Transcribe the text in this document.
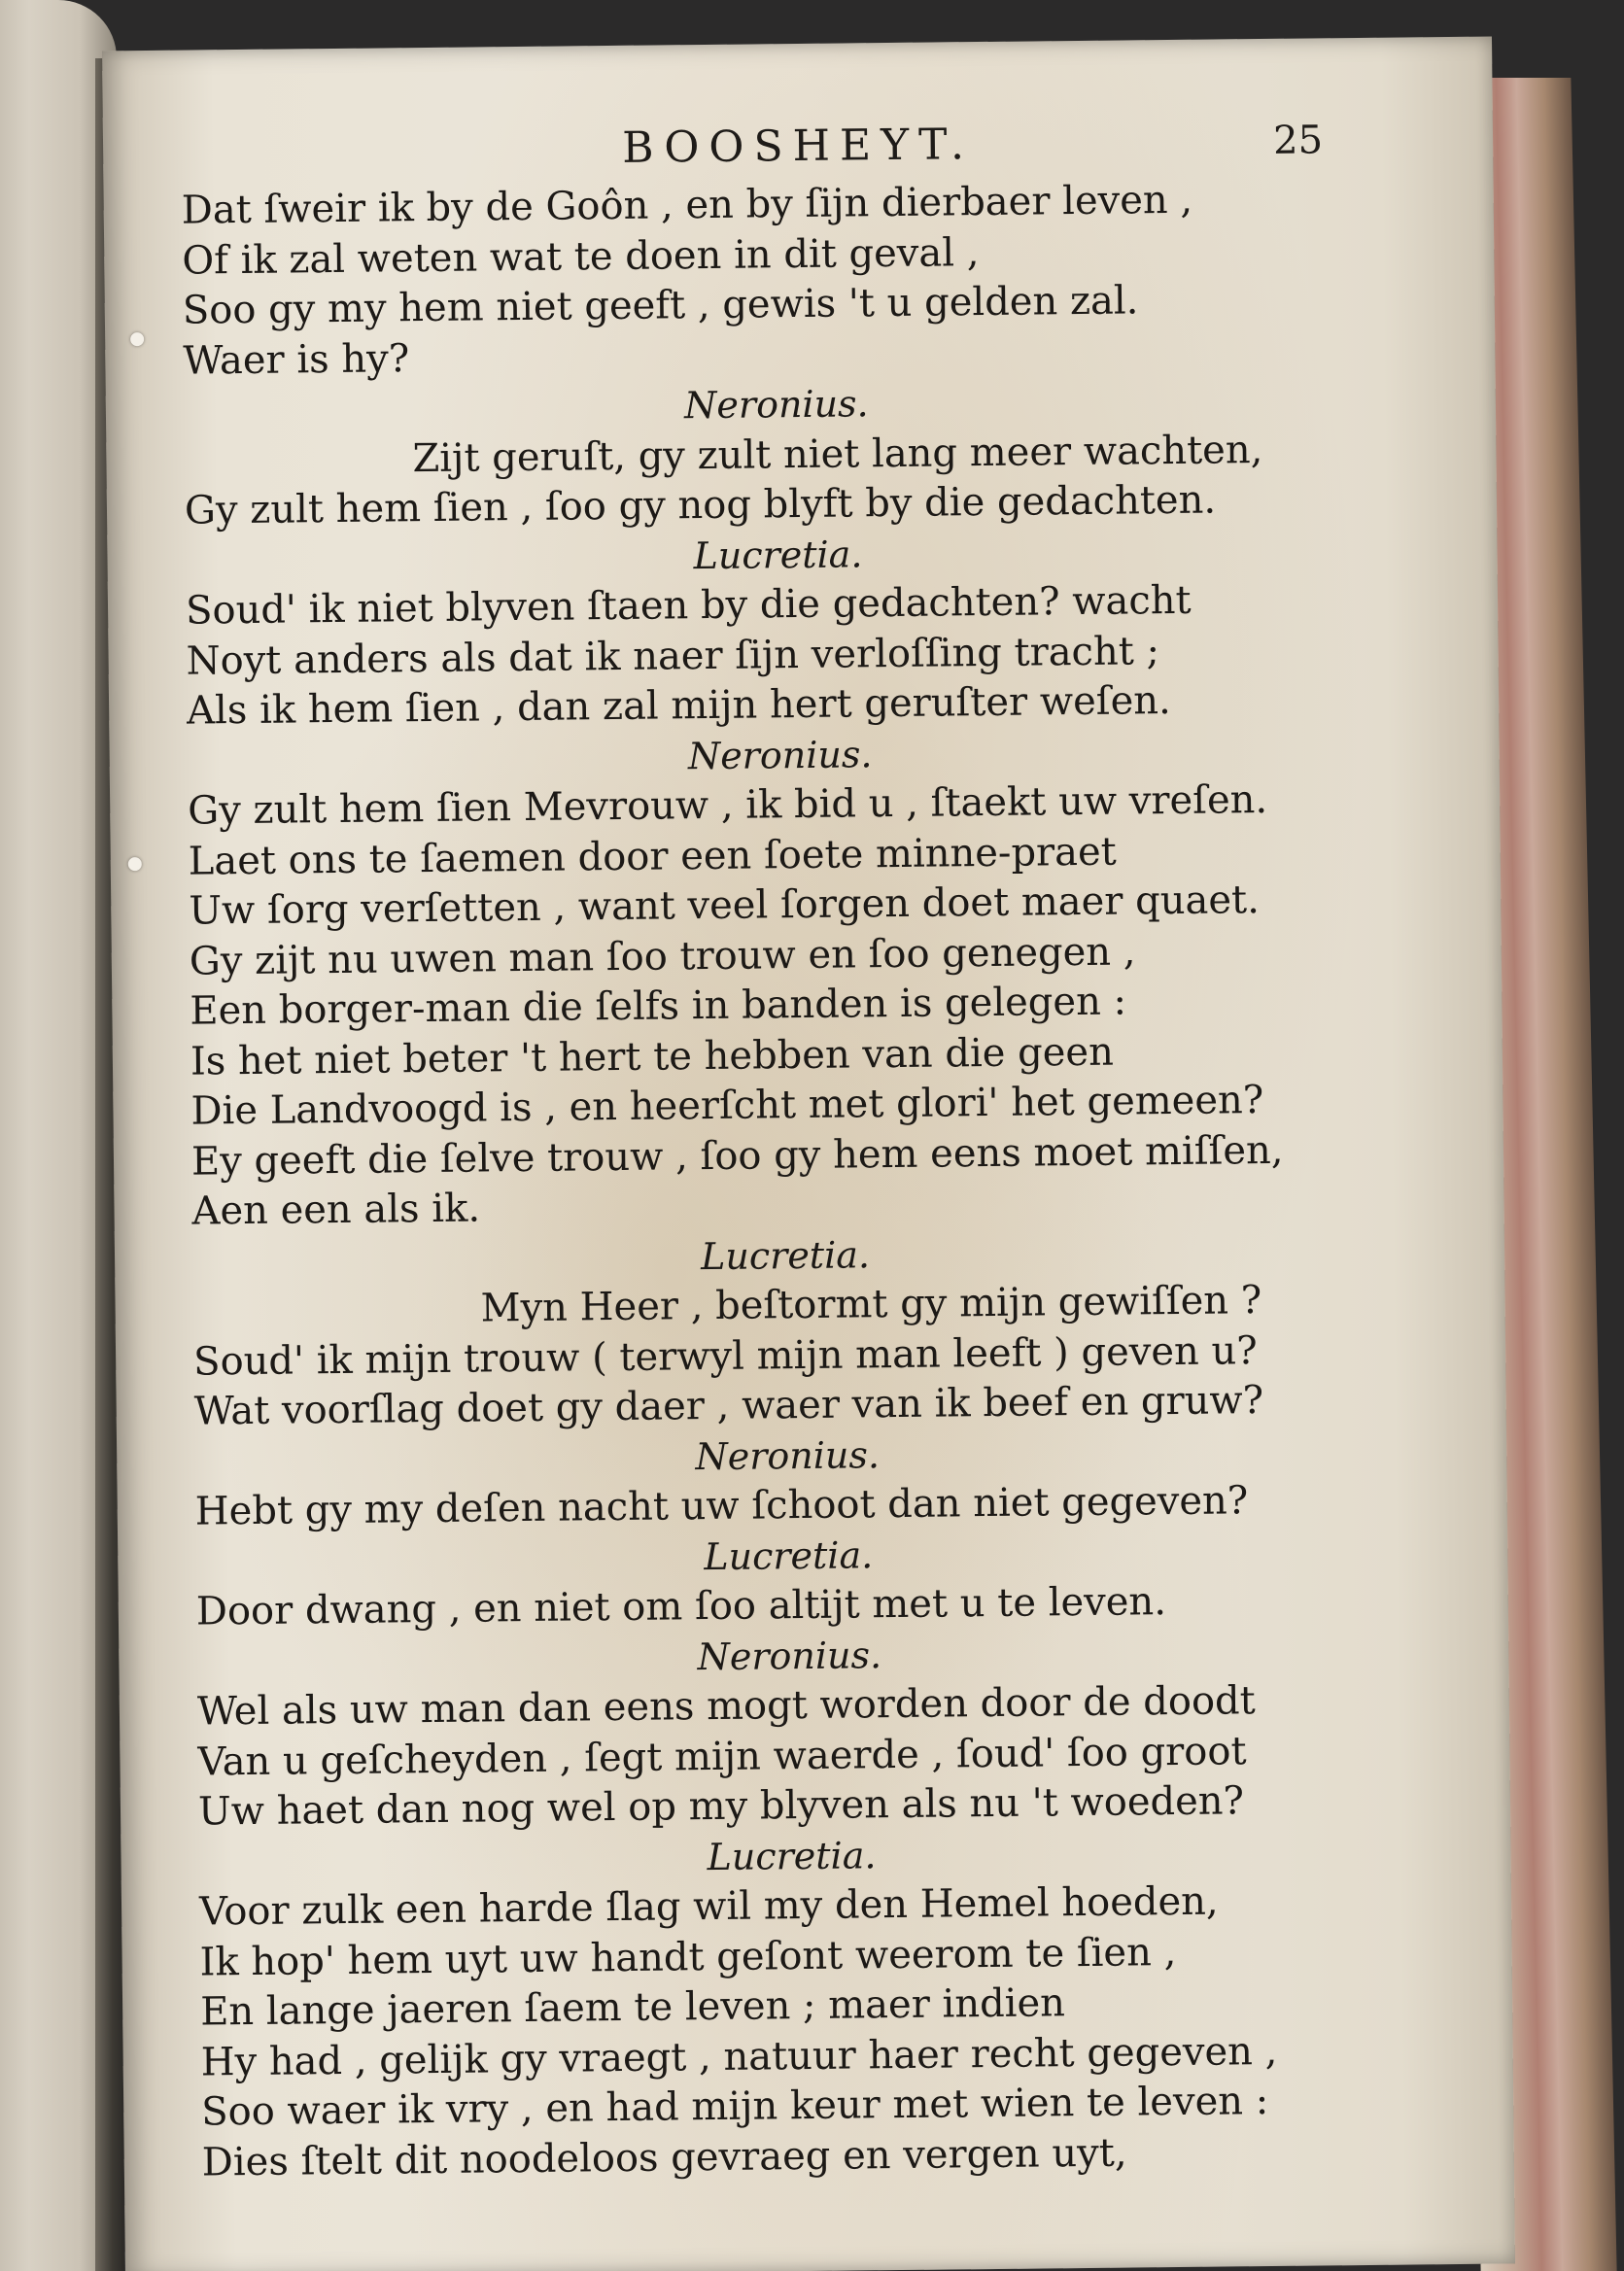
BOOSHEYT.	25
Dat ſweir ik by de Goôn , en by ſijn dierbaer leven ,
Of ik zal weten wat te doen in dit geval ,
Soo gy my hem niet geeft , gewis 't u gelden zal.
Waer is hy?
Neronius.
Zijt geruſt, gy zult niet lang meer wachten,
Gy zult hem ſien , ſoo gy nog blyft by die gedachten.
Lucretia.
Soud' ik niet blyven ſtaen by die gedachten? wacht
Noyt anders als dat ik naer ſijn verloſſing tracht ;
Als ik hem ſien , dan zal mijn hert geruſter weſen.
Neronius.
Gy zult hem ſien Mevrouw , ik bid u , ſtaekt uw vreſen.
Laet ons te ſaemen door een ſoete minne-praet
Uw ſorg verſetten , want veel ſorgen doet maer quaet.
Gy zijt nu uwen man ſoo trouw en ſoo genegen ,
Een borger-man die ſelfs in banden is gelegen :
Is het niet beter 't hert te hebben van die geen
Die Landvoogd is , en heerſcht met glori' het gemeen?
Ey geeft die ſelve trouw , ſoo gy hem eens moet miſſen,
Aen een als ik.
Lucretia.
Myn Heer , beſtormt gy mijn gewiſſen ?
Soud' ik mijn trouw ( terwyl mijn man leeft ) geven u?
Wat voorſlag doet gy daer , waer van ik beef en gruw?
Neronius.
Hebt gy my deſen nacht uw ſchoot dan niet gegeven?
Lucretia.
Door dwang , en niet om ſoo altijt met u te leven.
Neronius.
Wel als uw man dan eens mogt worden door de doodt
Van u geſcheyden , ſegt mijn waerde , ſoud' ſoo groot
Uw haet dan nog wel op my blyven als nu 't woeden?
Lucretia.
Voor zulk een harde ſlag wil my den Hemel hoeden,
Ik hop' hem uyt uw handt geſont weerom te ſien ,
En lange jaeren ſaem te leven ; maer indien
Hy had , gelijk gy vraegt , natuur haer recht gegeven ,
Soo waer ik vry , en had mijn keur met wien te leven :
Dies ſtelt dit noodeloos gevraeg en vergen uyt,
